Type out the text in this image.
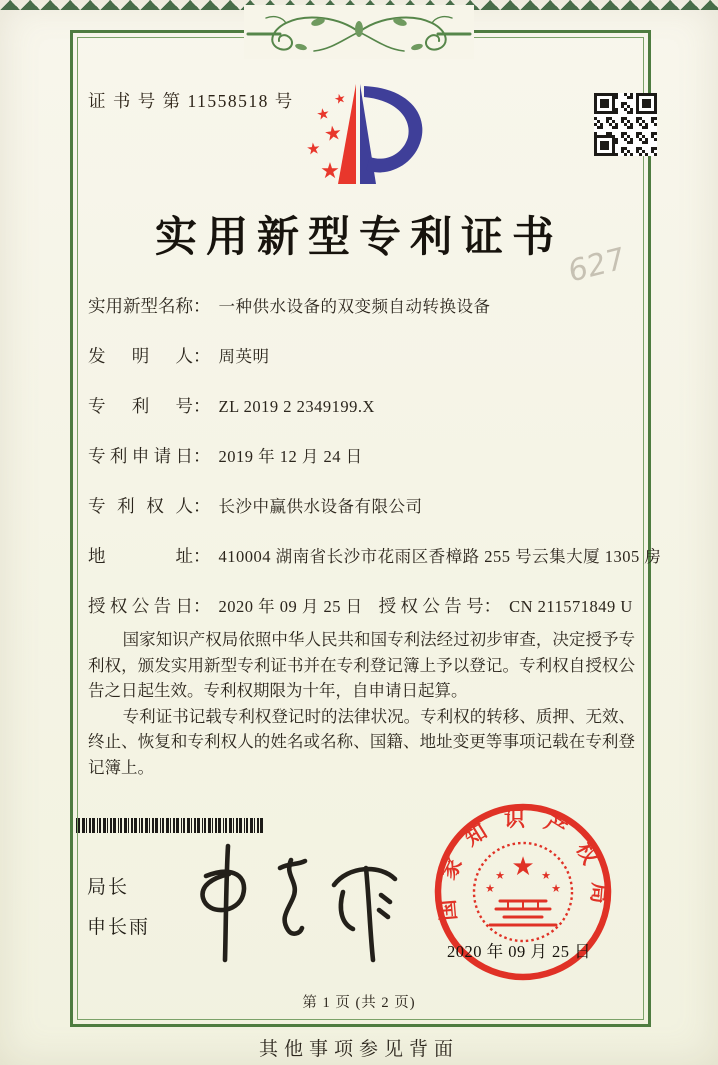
证 书 号 第 11558518 号	★
★
★
★
★
实用新型专利证书
627
实 用 新 型 名 称 ： 一种供水设备的双变频自动转换设备
发 明 人 ： 周英明
专 利 号 ： ZL 2019 2 2349199.X
专 利 申 请 日 ： 2019 年 12 月 24 日
专 利 权 人 ： 长沙中赢供水设备有限公司
地	址 ： 410004 湖南省长沙市花雨区香樟路 255 号云集大厦 1305 房
授 权 公 告 日 ： 2020 年 09 月 25 日 授 权 公 告 号 ： CN 211571849 U

国家知识产权局依照中华人民共和国专利法经过初步审查，决定授予专利权，颁发实用新型专利证书并在专利登记簿上予以登记。专利权自授权公告之日起生效。专利权期限为十年，自申请日起算。

专利证书记载专利权登记时的法律状况。专利权的转移、质押、无效、终止、恢复和专利权人的姓名或名称、国籍、地址变更等事项记载在专利登记簿上。

局长
申长雨
国家知识产权局
★
★	★
★	★
2020 年 09 月 25 日
第 1 页 (共 2 页)
其他事项参见背面
